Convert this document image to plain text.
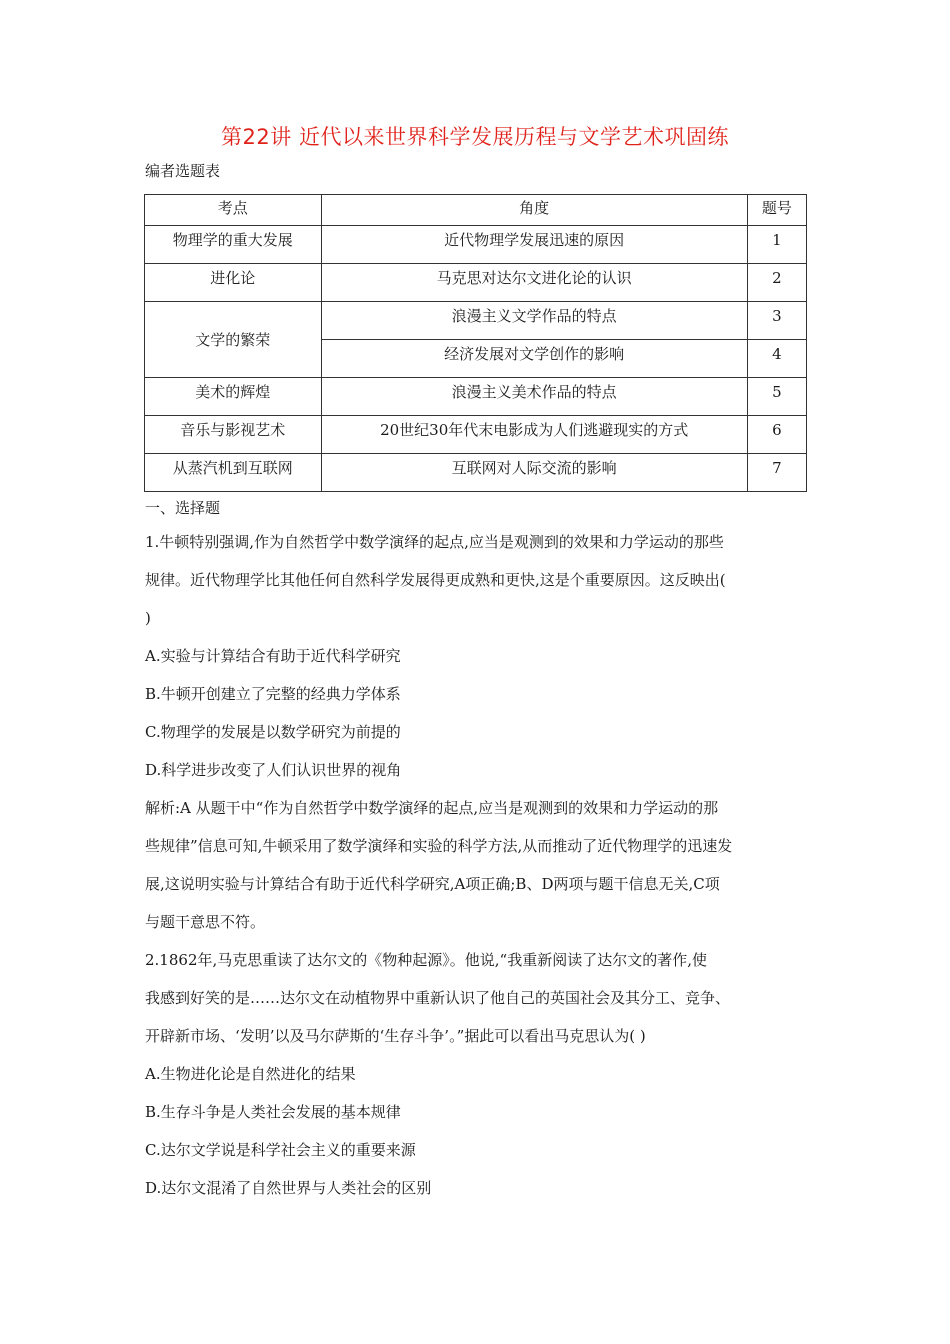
第22讲 近代以来世界科学发展历程与文学艺术巩固练
编者选题表
考点	角度	题号
物理学的重大发展	近代物理学发展迅速的原因	1
进化论	马克思对达尔文进化论的认识	2
文学的繁荣	浪漫主义文学作品的特点	3
	经济发展对文学创作的影响	4
美术的辉煌	浪漫主义美术作品的特点	5
音乐与影视艺术	20世纪30年代末电影成为人们逃避现实的方式	6
从蒸汽机到互联网	互联网对人际交流的影响	7
一、选择题
1.牛顿特别强调,作为自然哲学中数学演绎的起点,应当是观测到的效果和力学运动的那些
规律。近代物理学比其他任何自然科学发展得更成熟和更快,这是个重要原因。这反映出(
)
A.实验与计算结合有助于近代科学研究
B.牛顿开创建立了完整的经典力学体系
C.物理学的发展是以数学研究为前提的
D.科学进步改变了人们认识世界的视角
解析:A 从题干中“作为自然哲学中数学演绎的起点,应当是观测到的效果和力学运动的那
些规律”信息可知,牛顿采用了数学演绎和实验的科学方法,从而推动了近代物理学的迅速发
展,这说明实验与计算结合有助于近代科学研究,A项正确;B、D两项与题干信息无关,C项
与题干意思不符。
2.1862年,马克思重读了达尔文的《物种起源》。他说,“我重新阅读了达尔文的著作,使
我感到好笑的是……达尔文在动植物界中重新认识了他自己的英国社会及其分工、竞争、
开辟新市场、‘发明’以及马尔萨斯的‘生存斗争’。”据此可以看出马克思认为( )
A.生物进化论是自然进化的结果
B.生存斗争是人类社会发展的基本规律
C.达尔文学说是科学社会主义的重要来源
D.达尔文混淆了自然世界与人类社会的区别
